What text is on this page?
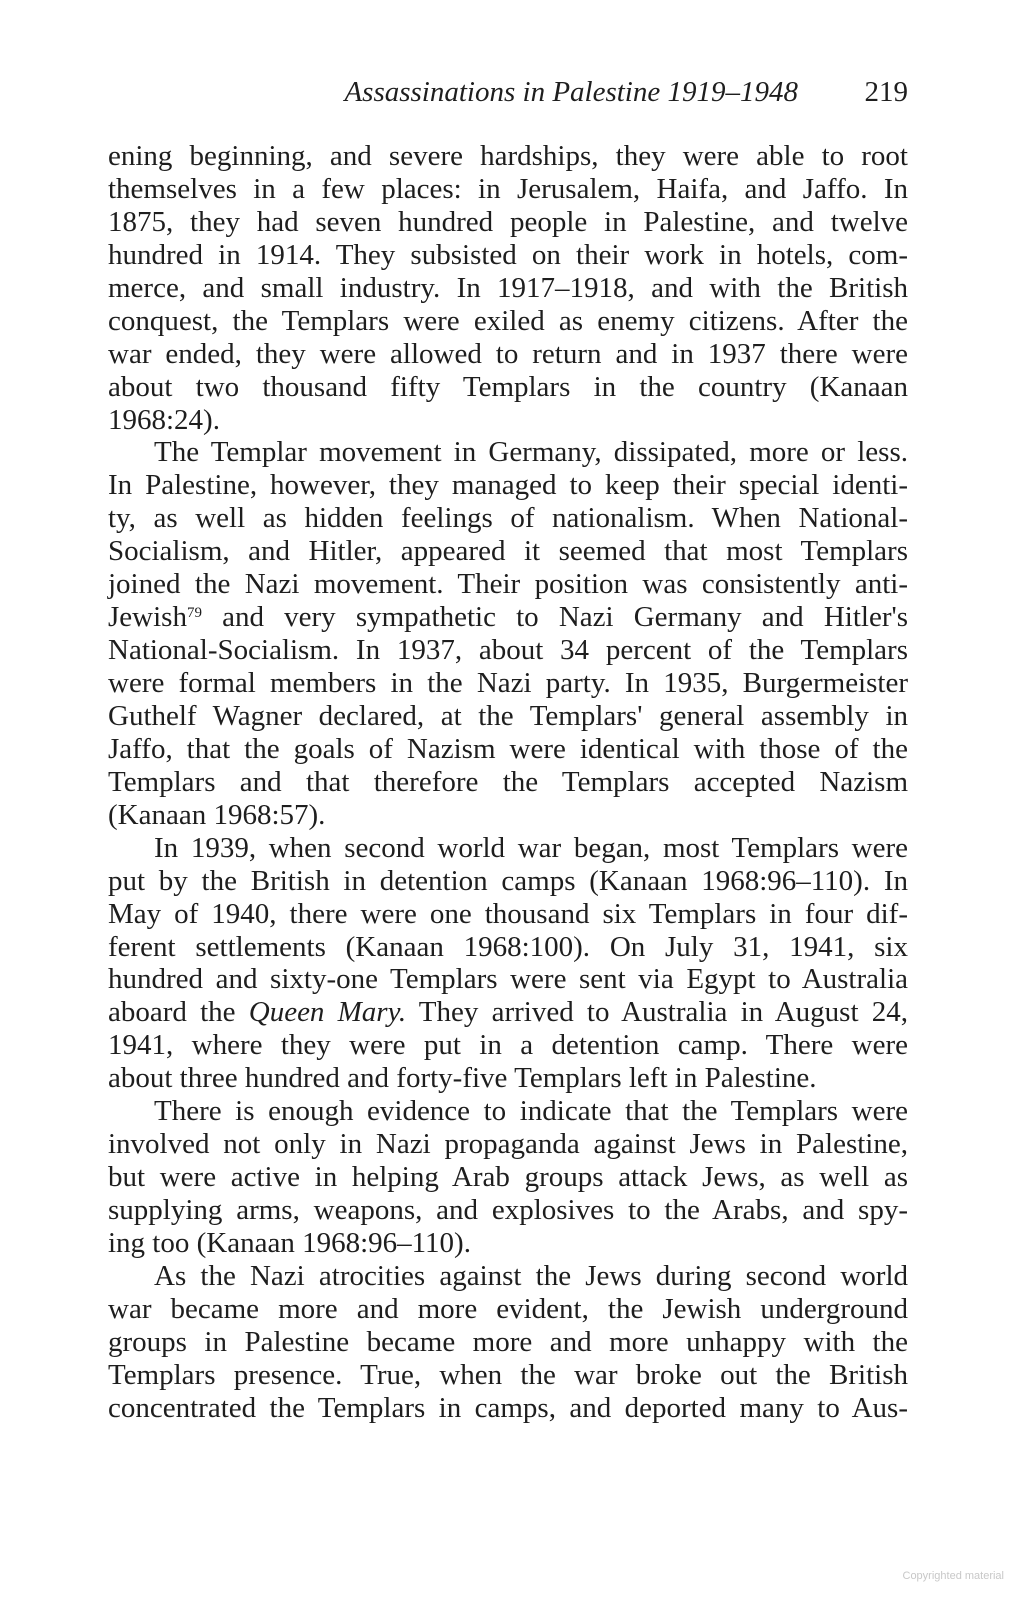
Assassinations in Palestine 1919–1948 219
ening beginning, and severe hardships, they were able to root
themselves in a few places: in Jerusalem, Haifa, and Jaffo. In
1875, they had seven hundred people in Palestine, and twelve
hundred in 1914. They subsisted on their work in hotels, com-
merce, and small industry. In 1917–1918, and with the British
conquest, the Templars were exiled as enemy citizens. After the
war ended, they were allowed to return and in 1937 there were
about two thousand fifty Templars in the country (Kanaan
1968:24).
The Templar movement in Germany, dissipated, more or less.
In Palestine, however, they managed to keep their special identi-
ty, as well as hidden feelings of nationalism. When National-
Socialism, and Hitler, appeared it seemed that most Templars
joined the Nazi movement. Their position was consistently anti-
Jewish$^{79}$ and very sympathetic to Nazi Germany and Hitler's
National-Socialism. In 1937, about 34 percent of the Templars
were formal members in the Nazi party. In 1935, Burgermeister
Guthelf Wagner declared, at the Templars' general assembly in
Jaffo, that the goals of Nazism were identical with those of the
Templars and that therefore the Templars accepted Nazism
(Kanaan 1968:57).
In 1939, when second world war began, most Templars were
put by the British in detention camps (Kanaan 1968:96–110). In
May of 1940, there were one thousand six Templars in four dif-
ferent settlements (Kanaan 1968:100). On July 31, 1941, six
hundred and sixty-one Templars were sent via Egypt to Australia
aboard the Queen Mary. They arrived to Australia in August 24,
1941, where they were put in a detention camp. There were
about three hundred and forty-five Templars left in Palestine.
There is enough evidence to indicate that the Templars were
involved not only in Nazi propaganda against Jews in Palestine,
but were active in helping Arab groups attack Jews, as well as
supplying arms, weapons, and explosives to the Arabs, and spy-
ing too (Kanaan 1968:96–110).
As the Nazi atrocities against the Jews during second world
war became more and more evident, the Jewish underground
groups in Palestine became more and more unhappy with the
Templars presence. True, when the war broke out the British
concentrated the Templars in camps, and deported many to Aus-
Copyrighted material
